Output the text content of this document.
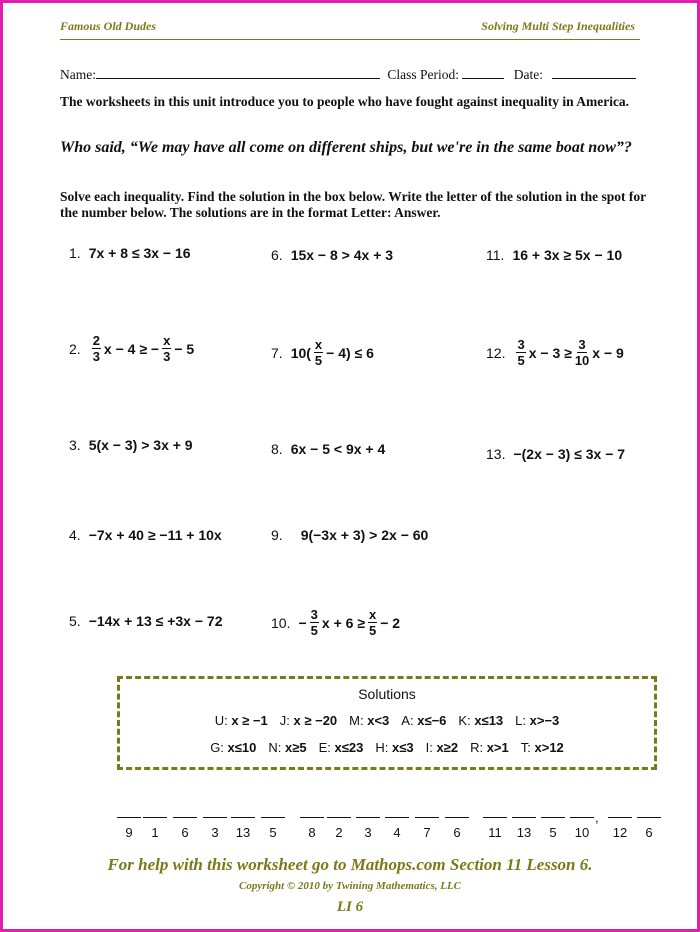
Famous Old Dudes	Solving Multi Step Inequalities
Name:	Class Period:	Date:
The worksheets in this unit introduce you to people who have fought against inequality in America.
Who said, “We may have all come on different ships, but we're in the same boat now”?
Solve each inequality. Find the solution in the box below. Write the letter of the solution in the spot for the number below. The solutions are in the format Letter: Answer.
1. 7x + 8 ≤ 3x − 16
2. $\frac{2}{3}$ x − 4 ≥ − $\frac{x}{3} - 5$
3. 5(x − 3) > 3x + 9
4. −7x + 40 ≥ −11 + 10x
5. −14x + 13 ≤ +3x − 72
6. 15x − 8 > 4x + 3
7. $10( \frac{x}{5} - 4) \le 6$
8. 6x − 5 < 9x + 4
9. 9(−3x + 3) > 2x − 60
10. − $\frac{3}{5}$ $x + 6 \ge \frac{x}{5} - 2$
11. 16 + 3x ≥ 5x − 10
12. $\frac{3}{5}$ $x - 3 \ge \frac{3}{10}$ x − 9
13. −(2x − 3) ≤ 3x − 7
Solutions
U: x ≥ −1 J: x ≥ −20 M: x<3 A: x≤−6 K: x≤13 L: x>−3
G: x≤10 N: x≥5 E: x≤23 H: x≤3 I: x≥2 R: x>1 T: x>12
9	1	6	3	13	5	8	2	3	4	7	6	11	13	5	10	12	6
,
For help with this worksheet go to Mathops.com Section 11 Lesson 6.
Copyright © 2010 by Twining Mathematics, LLC
LI 6
